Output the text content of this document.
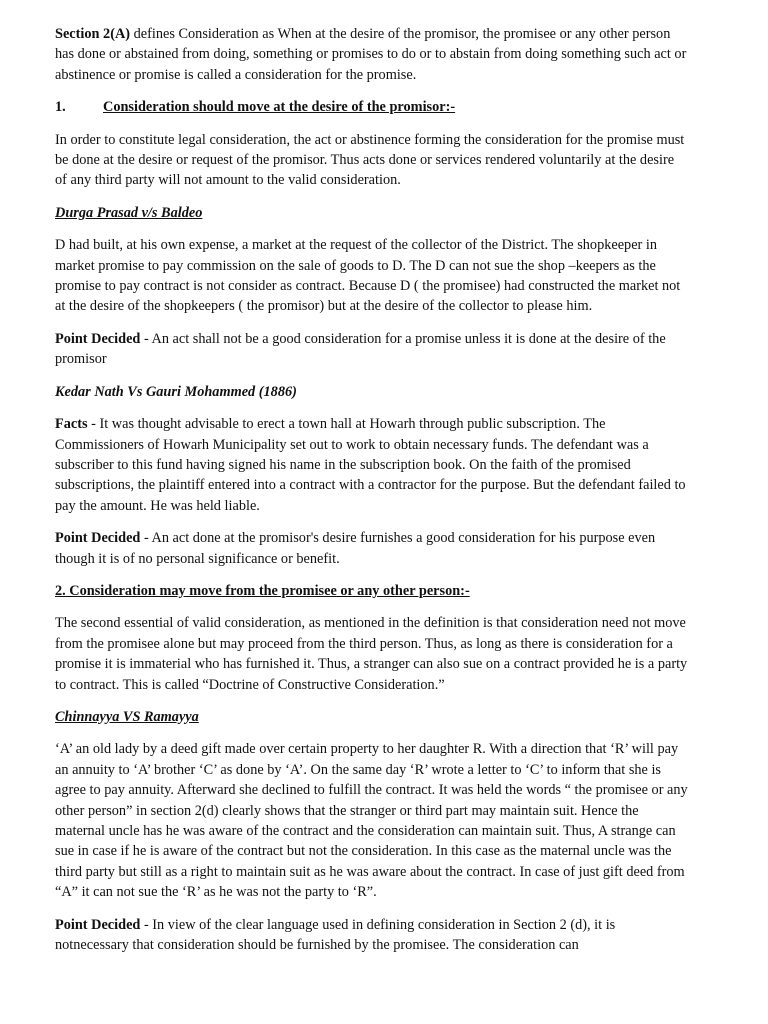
Section 2(A) defines Consideration as When at the desire of the promisor, the promisee or any other person has done or abstained from doing, something or promises to do or to abstain from doing something such act or abstinence or promise is called a consideration for the promise.

1.	Consideration should move at the desire of the promisor:-

In order to constitute legal consideration, the act or abstinence forming the consideration for the promise must be done at the desire or request of the promisor. Thus acts done or services rendered voluntarily at the desire of any third party will not amount to the valid consideration.

Durga Prasad v/s Baldeo

D had built, at his own expense, a market at the request of the collector of the District. The shopkeeper in market promise to pay commission on the sale of goods to D. The D can not sue the shop –keepers as the promise to pay contract is not consider as contract. Because D ( the promisee) had constructed the market not at the desire of the shopkeepers ( the promisor) but at the desire of the collector to please him.

Point Decided - An act shall not be a good consideration for a promise unless it is done at the desire of the promisor

Kedar Nath Vs Gauri Mohammed (1886)

Facts - It was thought advisable to erect a town hall at Howarh through public subscription. The Commissioners of Howarh Municipality set out to work to obtain necessary funds. The defendant was a subscriber to this fund having signed his name in the subscription book. On the faith of the promised subscriptions, the plaintiff entered into a contract with a contractor for the purpose. But the defendant failed to pay the amount. He was held liable.

Point Decided - An act done at the promisor's desire furnishes a good consideration for his purpose even though it is of no personal significance or benefit.

2. Consideration may move from the promisee or any other person:-

The second essential of valid consideration, as mentioned in the definition is that consideration need not move from the promisee alone but may proceed from the third person. Thus, as long as there is consideration for a promise it is immaterial who has furnished it. Thus, a stranger can also sue on a contract provided he is a party to contract. This is called “Doctrine of Constructive Consideration.”

Chinnayya VS Ramayya

‘A’ an old lady by a deed gift made over certain property to her daughter R. With a direction that ‘R’ will pay an annuity to ‘A’ brother ‘C’ as done by ‘A’. On the same day ‘R’ wrote a letter to ‘C’ to inform that she is agree to pay annuity. Afterward she declined to fulfill the contract. It was held the words “ the promisee or any other person” in section 2(d) clearly shows that the stranger or third part may maintain suit. Hence the maternal uncle has he was aware of the contract and the consideration can maintain suit. Thus, A strange can sue in case if he is aware of the contract but not the consideration. In this case as the maternal uncle was the third party but still as a right to maintain suit as he was aware about the contract. In case of just gift deed from “A” it can not sue the ‘R’ as he was not the party to ‘R”.

Point Decided - In view of the clear language used in defining consideration in Section 2 (d), it is notnecessary that consideration should be furnished by the promisee. The consideration can
